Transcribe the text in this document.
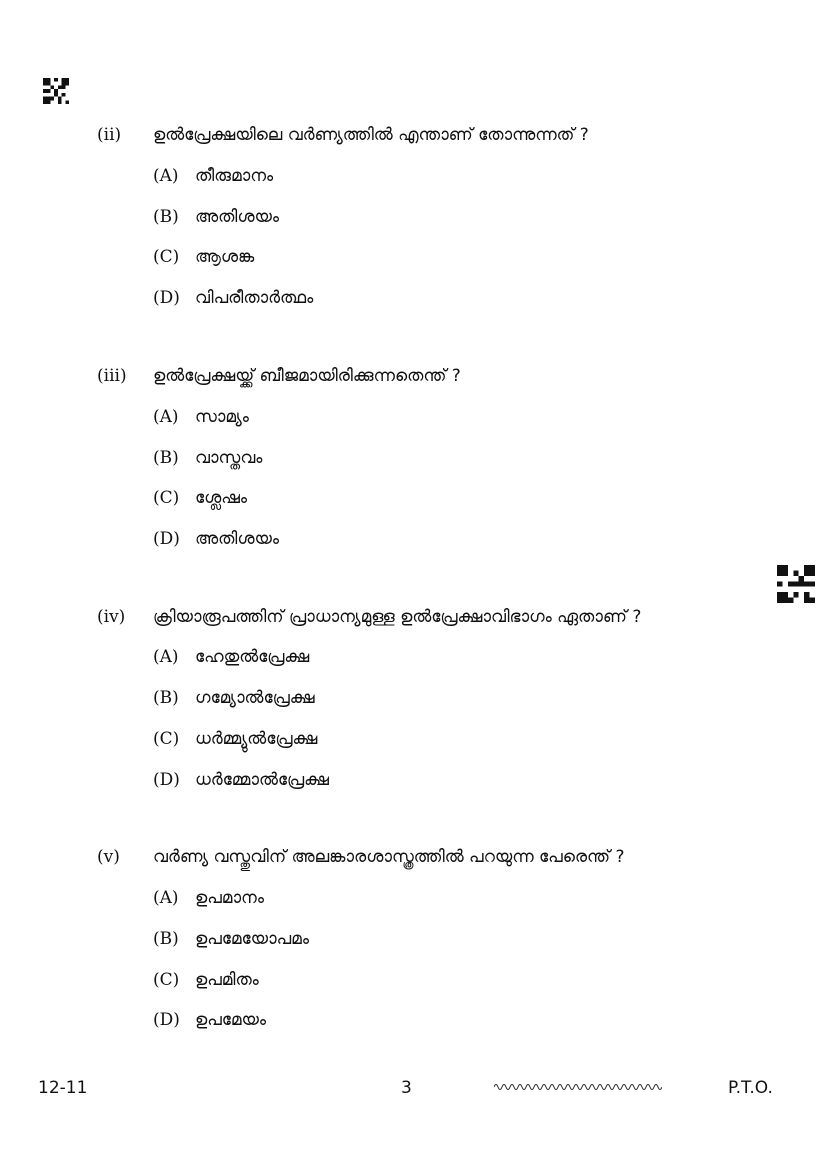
(ii) ഉൽപ്രേക്ഷയിലെ വർണ്യത്തിൽ എന്താണ് തോന്നുന്നത് ?
(A) തീരുമാനം
(B) അതിശയം
(C) ആശങ്ക
(D) വിപരീതാർത്ഥം
(iii) ഉൽപ്രേക്ഷയ്ക്ക് ബീജമായിരിക്കുന്നതെന്ത് ?
(A) സാമ്യം
(B) വാസ്തവം
(C) ശ്ലേഷം
(D) അതിശയം
(iv) ക്രിയാരൂപത്തിന് പ്രാധാന്യമുള്ള ഉൽപ്രേക്ഷാവിഭാഗം ഏതാണ് ?
(A) ഹേതുൽപ്രേക്ഷ
(B) ഗമ്യോൽപ്രേക്ഷ
(C) ധർമ്മ്യുൽപ്രേക്ഷ
(D) ധർമ്മോൽപ്രേക്ഷ
(v) വർണ്യ വസ്തുവിന് അലങ്കാരശാസ്ത്രത്തിൽ പറയുന്ന പേരെന്ത് ?
(A) ഉപമാനം
(B) ഉപമേയോപമം
(C) ഉപമിതം
(D) ഉപമേയം
12-11	3	P.T.O.
